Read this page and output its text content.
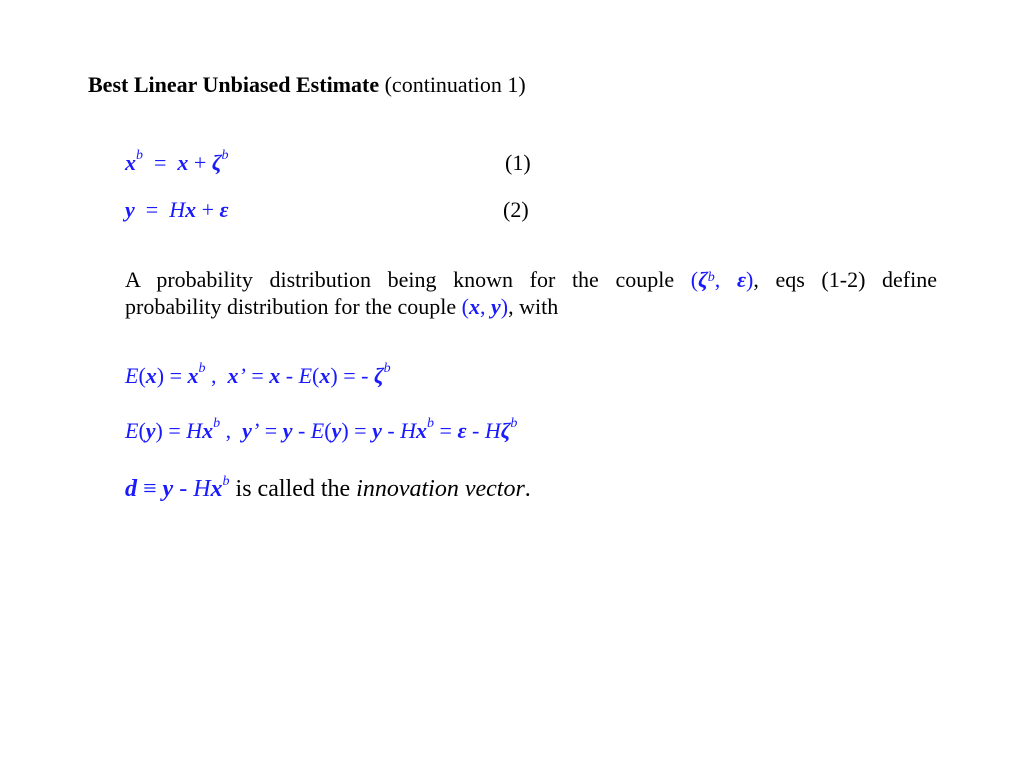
Best Linear Unbiased Estimate (continuation 1)
$x^b = x + \zeta^b$	(1)
y  =  Hx + ε	(2)
A probability distribution being known for the couple ($\zeta^b$, ε), eqs (1-2) define
probability distribution for the couple (x, y), with
$E(x) = x^b$ ,  x’ = x - E(x) = - $\zeta^b$
$E(y) = Hx^b$ ,  y’ = $y - E(y) = y - Hx^b = \varepsilon - H\zeta^b$
d ≡ y - Hx$^b$ is called the innovation vector.
